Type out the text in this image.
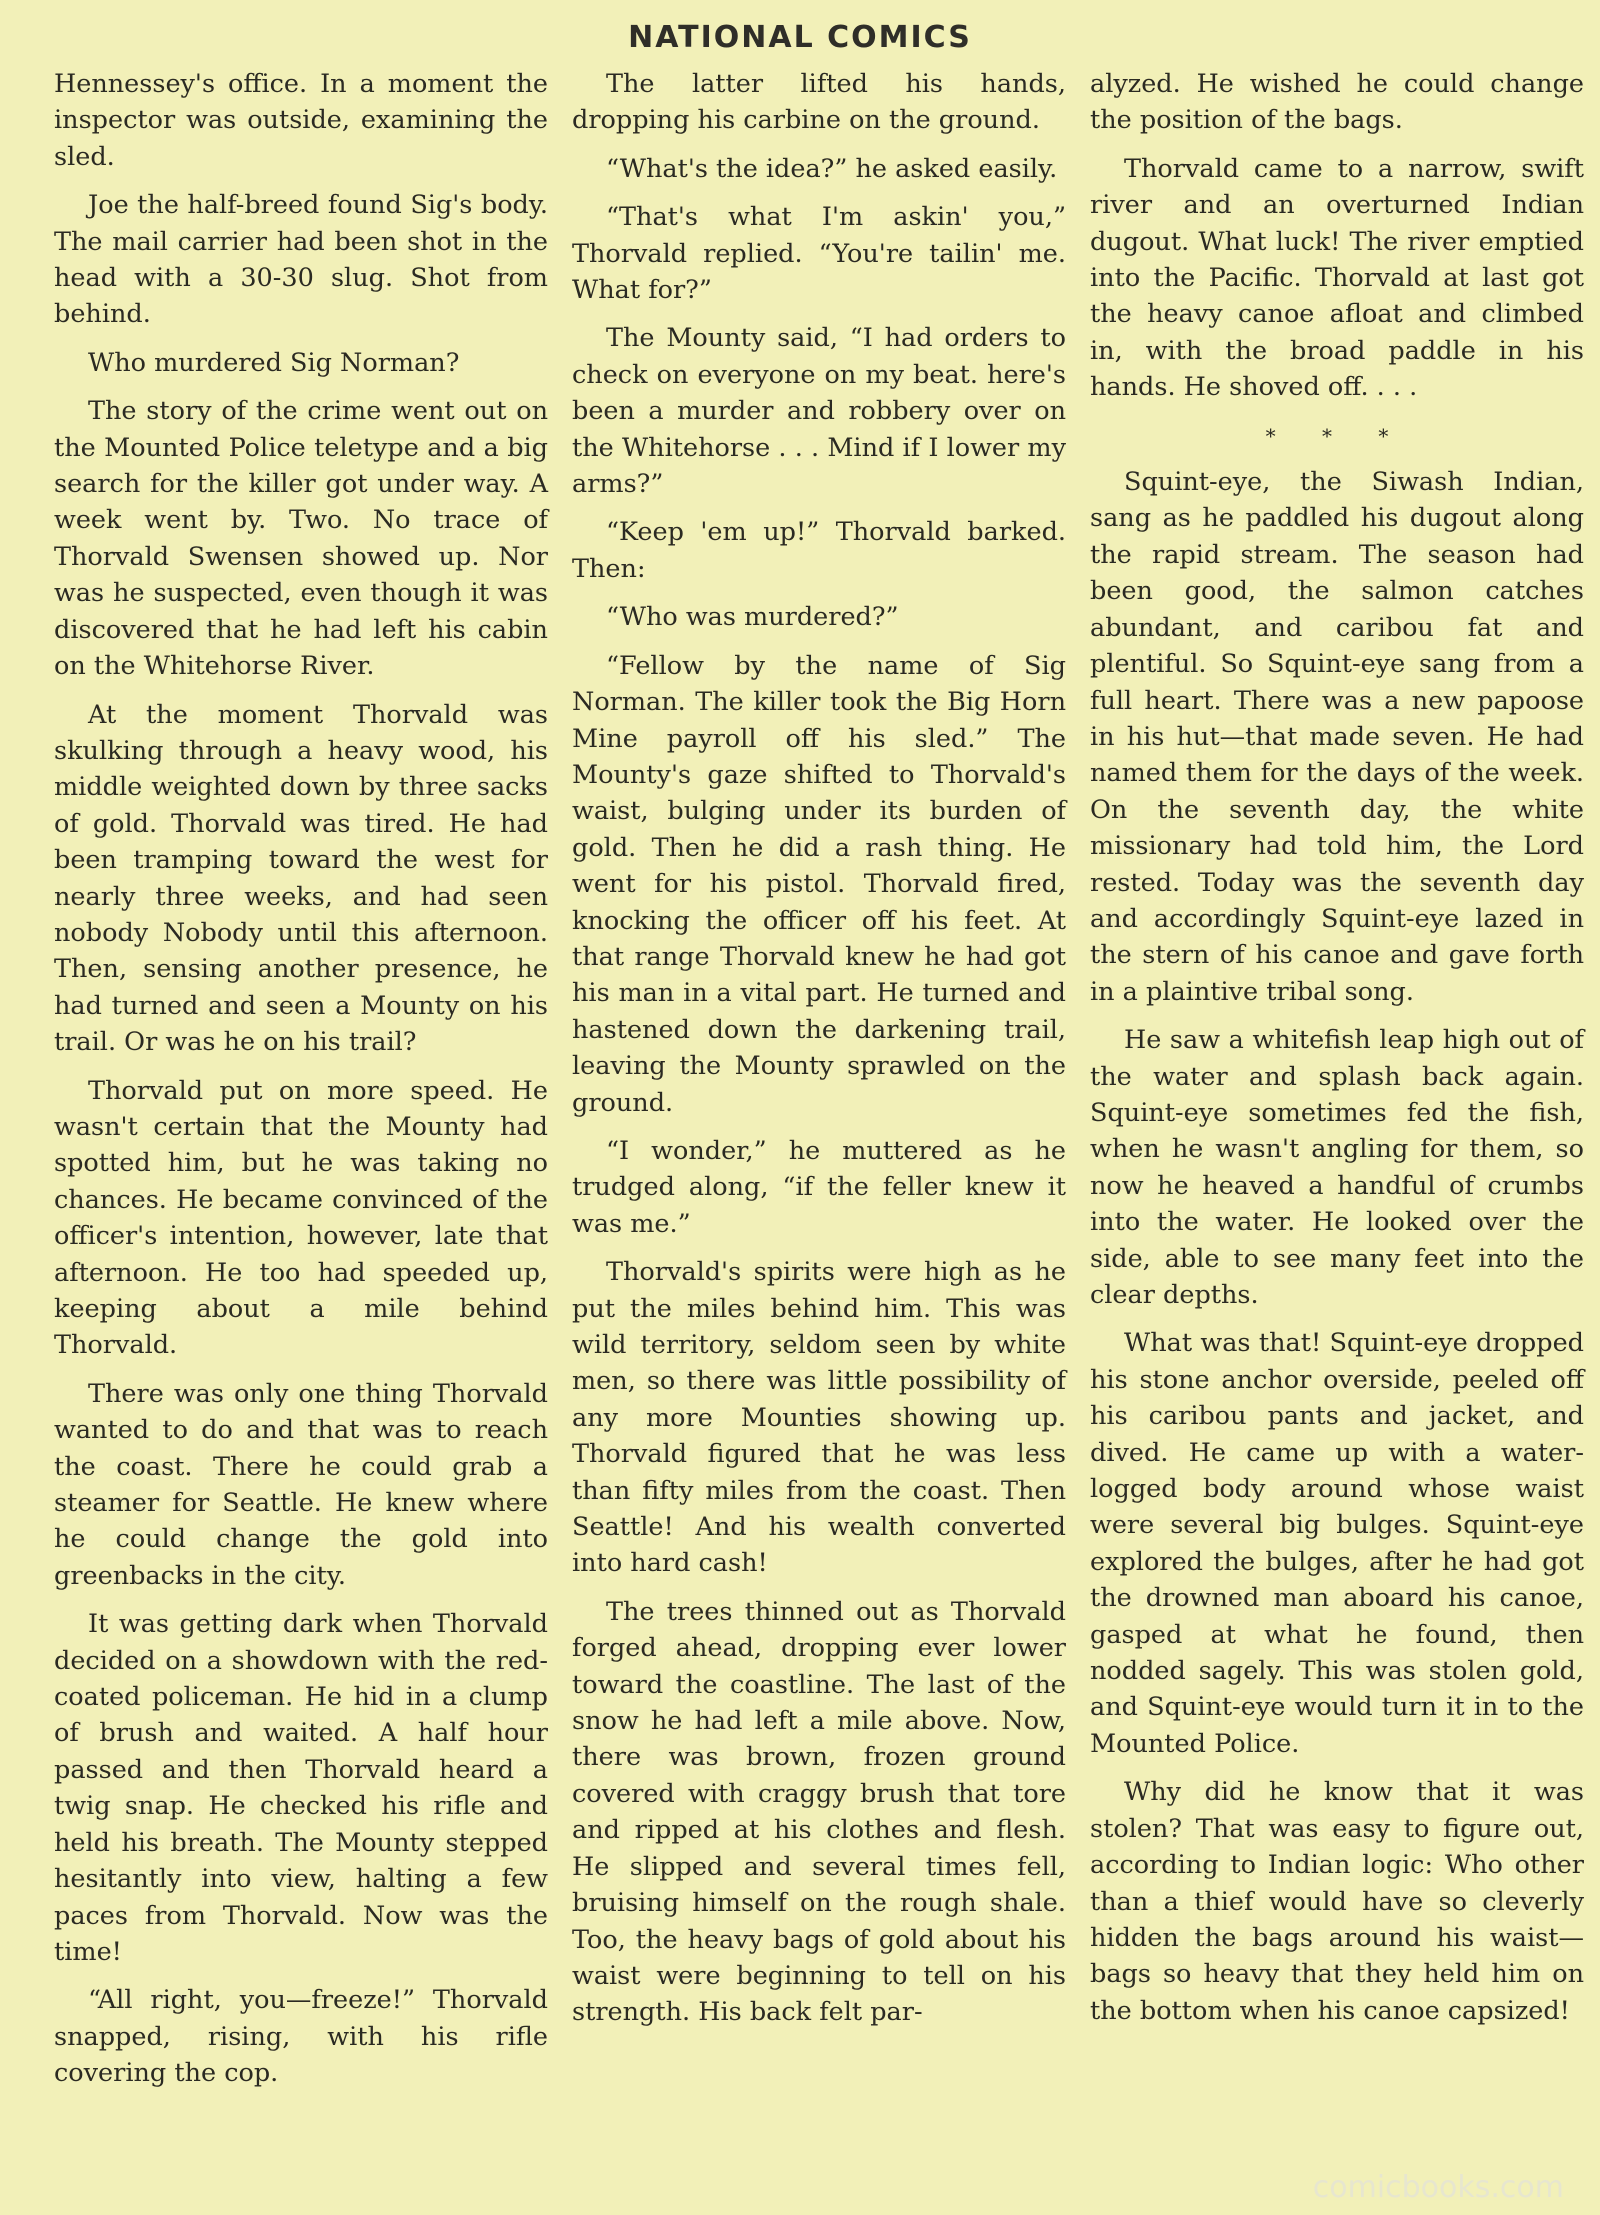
NATIONAL COMICS

Hennessey's office. In a moment the inspector was outside, examining the sled.

Joe the half-breed found Sig's body. The mail carrier had been shot in the head with a 30-30 slug. Shot from behind.

Who murdered Sig Norman?

The story of the crime went out on the Mounted Police teletype and a big search for the killer got under way. A week went by. Two. No trace of Thorvald Swensen showed up. Nor was he suspected, even though it was discovered that he had left his cabin on the Whitehorse River.

At the moment Thorvald was skulking through a heavy wood, his middle weighted down by three sacks of gold. Thorvald was tired. He had been tramping toward the west for nearly three weeks, and had seen nobody Nobody until this afternoon. Then, sensing another presence, he had turned and seen a Mounty on his trail. Or was he on his trail?

Thorvald put on more speed. He wasn't certain that the Mounty had spotted him, but he was taking no chances. He became convinced of the officer's intention, however, late that afternoon. He too had speeded up, keeping about a mile behind Thorvald.

There was only one thing Thorvald wanted to do and that was to reach the coast. There he could grab a steamer for Seattle. He knew where he could change the gold into greenbacks in the city.

It was getting dark when Thorvald decided on a showdown with the red-coated policeman. He hid in a clump of brush and waited. A half hour passed and then Thorvald heard a twig snap. He checked his rifle and held his breath. The Mounty stepped hesitantly into view, halting a few paces from Thorvald. Now was the time!

“All right, you—freeze!” Thorvald snapped, rising, with his rifle covering the cop.

The latter lifted his hands, dropping his carbine on the ground.

“What's the idea?” he asked easily.

“That's what I'm askin' you,” Thorvald replied. “You're tailin' me. What for?”

The Mounty said, “I had orders to check on everyone on my beat. here's been a murder and robbery over on the Whitehorse . . . Mind if I lower my arms?”

“Keep 'em up!” Thorvald barked. Then:

“Who was murdered?”

“Fellow by the name of Sig Norman. The killer took the Big Horn Mine payroll off his sled.” The Mounty's gaze shifted to Thorvald's waist, bulging under its burden of gold. Then he did a rash thing. He went for his pistol. Thorvald fired, knocking the officer off his feet. At that range Thorvald knew he had got his man in a vital part. He turned and hastened down the darkening trail, leaving the Mounty sprawled on the ground.

“I wonder,” he muttered as he trudged along, “if the feller knew it was me.”

Thorvald's spirits were high as he put the miles behind him. This was wild territory, seldom seen by white men, so there was little possibility of any more Mounties showing up. Thorvald figured that he was less than fifty miles from the coast. Then Seattle! And his wealth converted into hard cash!

The trees thinned out as Thorvald forged ahead, dropping ever lower toward the coastline. The last of the snow he had left a mile above. Now, there was brown, frozen ground covered with craggy brush that tore and ripped at his clothes and flesh. He slipped and several times fell, bruising himself on the rough shale. Too, the heavy bags of gold about his waist were beginning to tell on his strength. His back felt par-

alyzed. He wished he could change the position of the bags.

Thorvald came to a narrow, swift river and an overturned Indian dugout. What luck! The river emptied into the Pacific. Thorvald at last got the heavy canoe afloat and climbed in, with the broad paddle in his hands. He shoved off. . . .

* * *

Squint-eye, the Siwash Indian, sang as he paddled his dugout along the rapid stream. The season had been good, the salmon catches abundant, and caribou fat and plentiful. So Squint-eye sang from a full heart. There was a new papoose in his hut—that made seven. He had named them for the days of the week. On the seventh day, the white missionary had told him, the Lord rested. Today was the seventh day and accordingly Squint-eye lazed in the stern of his canoe and gave forth in a plaintive tribal song.

He saw a whitefish leap high out of the water and splash back again. Squint-eye sometimes fed the fish, when he wasn't angling for them, so now he heaved a handful of crumbs into the water. He looked over the side, able to see many feet into the clear depths.

What was that! Squint-eye dropped his stone anchor overside, peeled off his caribou pants and jacket, and dived. He came up with a water-logged body around whose waist were several big bulges. Squint-eye explored the bulges, after he had got the drowned man aboard his canoe, gasped at what he found, then nodded sagely. This was stolen gold, and Squint-eye would turn it in to the Mounted Police.

Why did he know that it was stolen? That was easy to figure out, according to Indian logic: Who other than a thief would have so cleverly hidden the bags around his waist—bags so heavy that they held him on the bottom when his canoe capsized!

comicbooks.com
